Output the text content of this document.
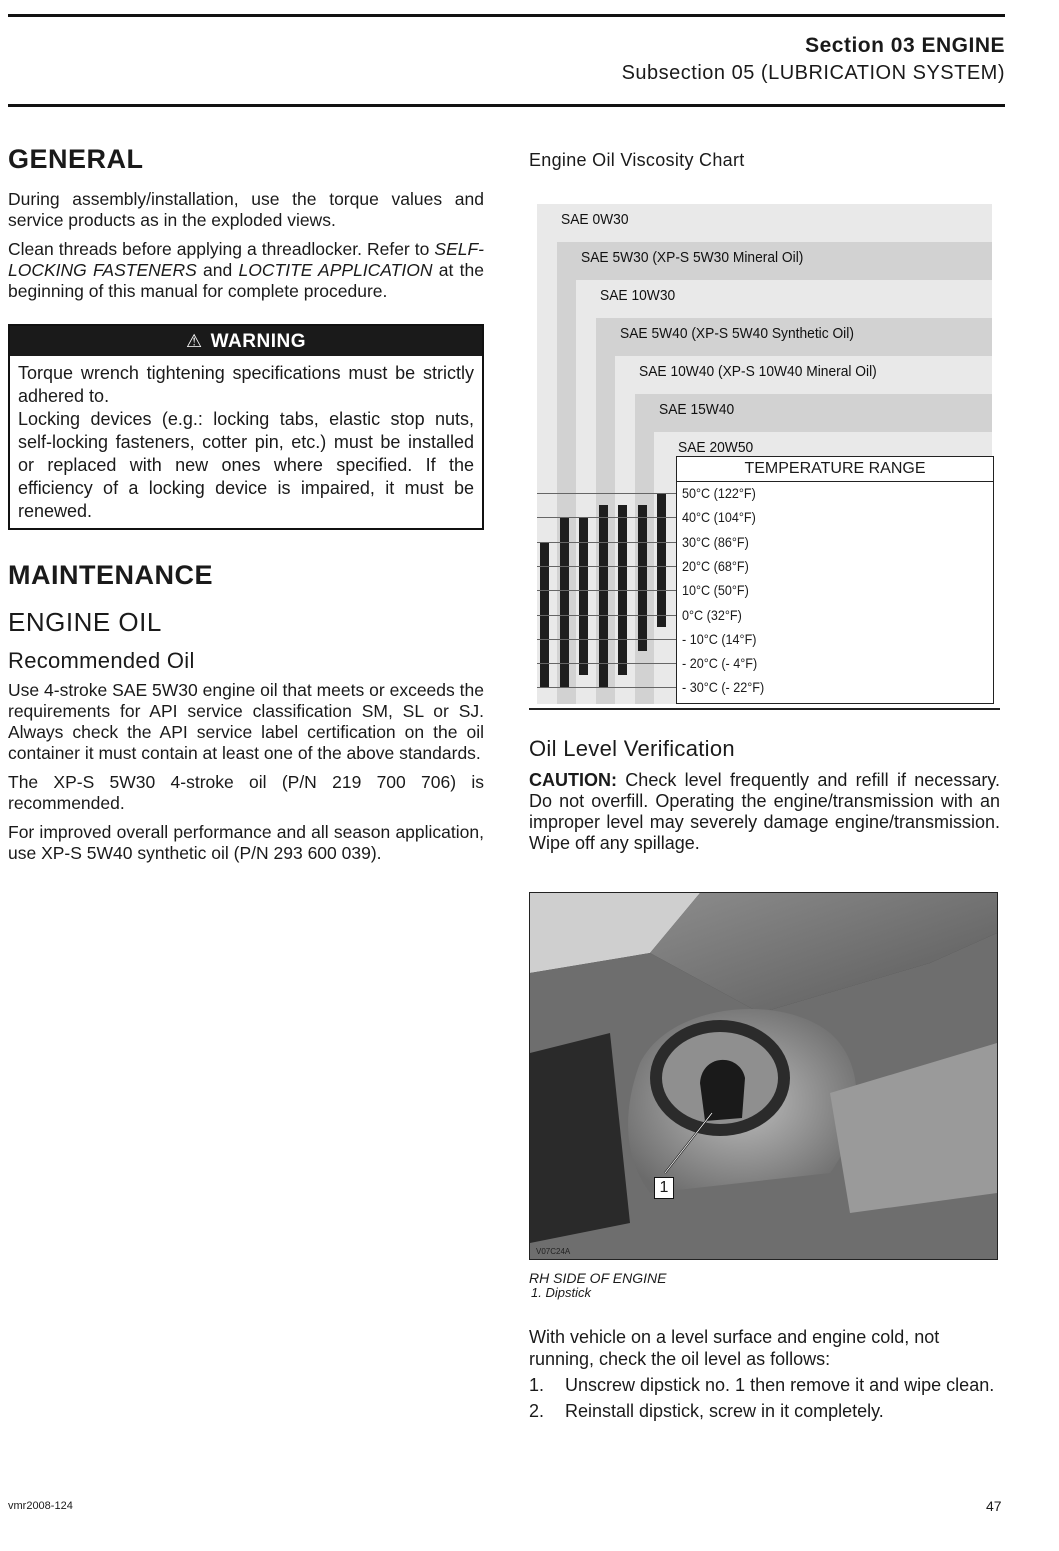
Section 03 ENGINE
Subsection 05 (LUBRICATION SYSTEM)
GENERAL

During assembly/installation, use the torque values and service products as in the exploded views.

Clean threads before applying a threadlocker. Refer to SELF-LOCKING FASTENERS and LOCTITE APPLICATION at the beginning of this manual for complete procedure.

⚠ WARNING
Torque wrench tightening specifications must be strictly adhered to.
Locking devices (e.g.: locking tabs, elastic stop nuts, self-locking fasteners, cotter pin, etc.) must be installed or replaced with new ones where specified. If the efficiency of a locking device is impaired, it must be renewed.
MAINTENANCE
ENGINE OIL
Recommended Oil

Use 4-stroke SAE 5W30 engine oil that meets or exceeds the requirements for API service classification SM, SL or SJ. Always check the API service label certification on the oil container it must contain at least one of the above standards.

The XP-S 5W30 4-stroke oil (P/N 219 700 706) is recommended.

For improved overall performance and all season application, use XP-S 5W40 synthetic oil (P/N 293 600 039).

Engine Oil Viscosity Chart
SAE 0W30
SAE 5W30 (XP-S 5W30 Mineral Oil)
SAE 10W30
SAE 5W40 (XP-S 5W40 Synthetic Oil)
SAE 10W40 (XP-S 10W40 Mineral Oil)
SAE 15W40
SAE 20W50
TEMPERATURE RANGE
50°C (122°F)
40°C (104°F)
30°C (86°F)
20°C (68°F)
10°C (50°F)
0°C (32°F)
- 10°C (14°F)
- 20°C (- 4°F)
- 30°C (- 22°F)
Oil Level Verification
CAUTION: Check level frequently and refill if necessary. Do not overfill. Operating the engine/transmission with an improper level may severely damage engine/transmission. Wipe off any spillage.
1
V07C24A
RH SIDE OF ENGINE
1. Dipstick
With vehicle on a level surface and engine cold, not running, check the oil level as follows:
1.	Unscrew dipstick no. 1 then remove it and wipe clean.
2.	Reinstall dipstick, screw in it completely.
vmr2008-124	47
